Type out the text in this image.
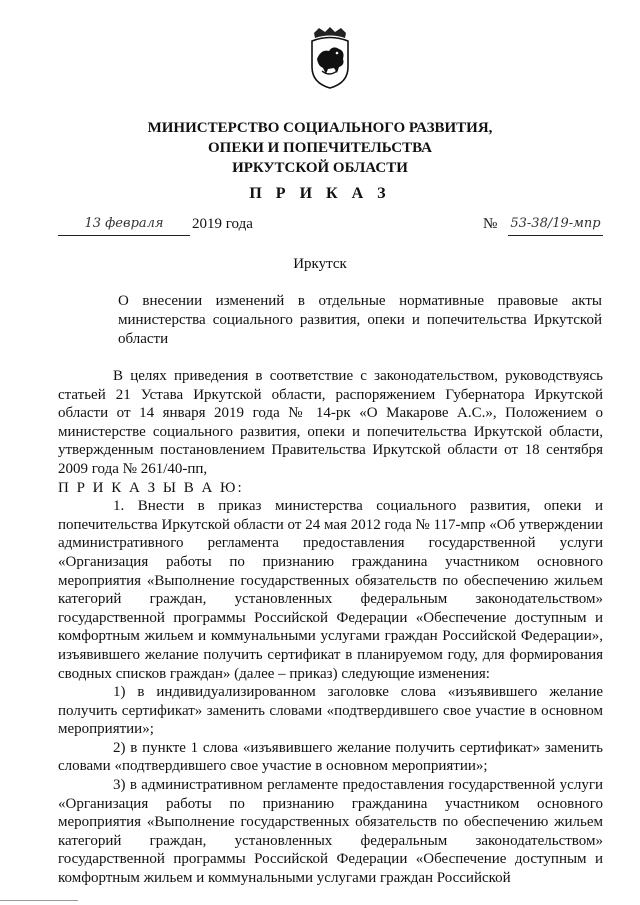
МИНИСТЕРСТВО СОЦИАЛЬНОГО РАЗВИТИЯ,
ОПЕКИ И ПОПЕЧИТЕЛЬСТВА
ИРКУТСКОЙ ОБЛАСТИ
П Р И К А З
13 февраля	2019 года	№ 53-38/19-мпр
Иркутск
О внесении изменений в отдельные нормативные правовые акты министерства социального развития, опеки и попечительства Иркутской области

В целях приведения в соответствие с законодательством, руководствуясь статьей 21 Устава Иркутской области, распоряжением Губернатора Иркутской области от 14 января 2019 года № 14-рк «О Макарове А.С.», Положением о министерстве социального развития, опеки и попечительства Иркутской области, утвержденным постановлением Правительства Иркутской области от 18 сентября 2009 года № 261/40-пп,

П Р И К А З Ы В А Ю:

1. Внести в приказ министерства социального развития, опеки и попечительства Иркутской области от 24 мая 2012 года № 117-мпр «Об утверждении административного регламента предоставления государственной услуги «Организация работы по признанию гражданина участником основного мероприятия «Выполнение государственных обязательств по обеспечению жильем категорий граждан, установленных федеральным законодательством» государственной программы Российской Федерации «Обеспечение доступным и комфортным жильем и коммунальными услугами граждан Российской Федерации», изъявившего желание получить сертификат в планируемом году, для формирования сводных списков граждан» (далее – приказ) следующие изменения:

1) в индивидуализированном заголовке слова «изъявившего желание получить сертификат» заменить словами «подтвердившего свое участие в основном мероприятии»;

2) в пункте 1 слова «изъявившего желание получить сертификат» заменить словами «подтвердившего свое участие в основном мероприятии»;

3) в административном регламенте предоставления государственной услуги «Организация работы по признанию гражданина участником основного мероприятия «Выполнение государственных обязательств по обеспечению жильем категорий граждан, установленных федеральным законодательством» государственной программы Российской Федерации «Обеспечение доступным и комфортным жильем и коммунальными услугами граждан Российской
